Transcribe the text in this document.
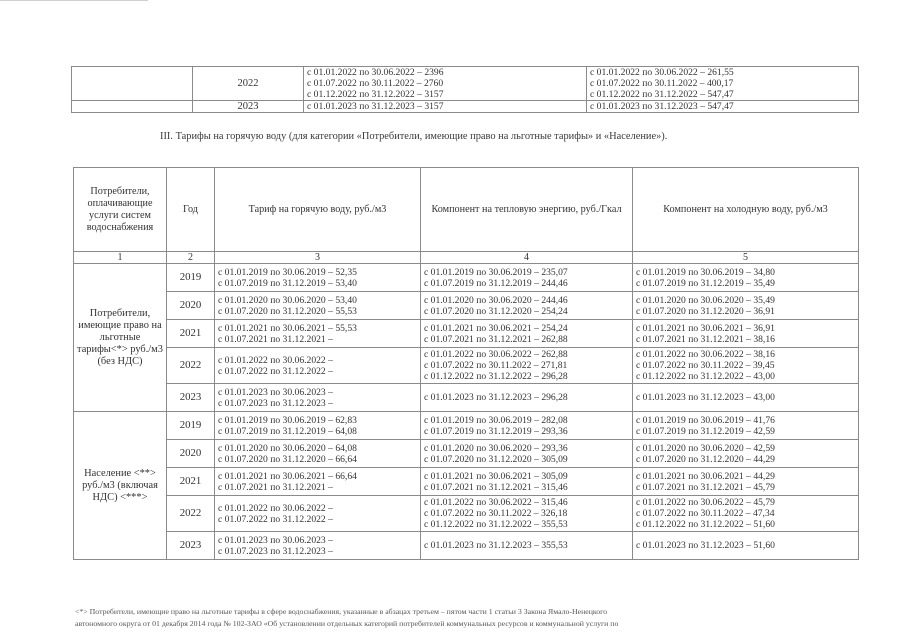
	2022	с 01.01.2022 по 30.06.2022 – 2396
с 01.07.2022 по 30.11.2022 – 2760
с 01.12.2022 по 31.12.2022 – 3157	с 01.01.2022 по 30.06.2022 – 261,55
с 01.07.2022 по 30.11.2022 – 400,17
с 01.12.2022 по 31.12.2022 – 547,47

	2023	с 01.01.2023 по 31.12.2023 – 3157	с 01.01.2023 по 31.12.2023 – 547,47
III. Тарифы на горячую воду (для категории «Потребители, имеющие право на льготные тарифы» и «Население»).
Потребители, оплачивающие услуги систем водоснабжения	Год	Тариф на горячую воду, руб./м3	Компонент на тепловую энергию, руб./Гкал	Компонент на холодную воду, руб./м3
1	2	3	4	5
Потребители, имеющие право на льготные тарифы<*> руб./м3 (без НДС)	2019	с 01.01.2019 по 30.06.2019 – 52,35
с 01.07.2019 по 31.12.2019 – 53,40	с 01.01.2019 по 30.06.2019 – 235,07
с 01.07.2019 по 31.12.2019 – 244,46	с 01.01.2019 по 30.06.2019 – 34,80
с 01.07.2019 по 31.12.2019 – 35,49

	2020	с 01.01.2020 по 30.06.2020 – 53,40
с 01.07.2020 по 31.12.2020 – 55,53	с 01.01.2020 по 30.06.2020 – 244,46
с 01.07.2020 по 31.12.2020 – 254,24	с 01.01.2020 по 30.06.2020 – 35,49
с 01.07.2020 по 31.12.2020 – 36,91

	2021	с 01.01.2021 по 30.06.2021 – 55,53
с 01.07.2021 по 31.12.2021 –	с 01.01.2021 по 30.06.2021 – 254,24
с 01.07.2021 по 31.12.2021 – 262,88	с 01.01.2021 по 30.06.2021 – 36,91
с 01.07.2021 по 31.12.2021 – 38,16

	2022	с 01.01.2022 по 30.06.2022 –
с 01.07.2022 по 31.12.2022 –	с 01.01.2022 по 30.06.2022 – 262,88
с 01.07.2022 по 30.11.2022 – 271,81
с 01.12.2022 по 31.12.2022 – 296,28	с 01.01.2022 по 30.06.2022 – 38,16
с 01.07.2022 по 30.11.2022 – 39,45
с 01.12.2022 по 31.12.2022 – 43,00

	2023	с 01.01.2023 по 30.06.2023 –
с 01.07.2023 по 31.12.2023 –	с 01.01.2023 по 31.12.2023 – 296,28	с 01.01.2023 по 31.12.2023 – 43,00

Население <**> руб./м3 (включая НДС) <***>	2019	с 01.01.2019 по 30.06.2019 – 62,83
с 01.07.2019 по 31.12.2019 – 64,08	с 01.01.2019 по 30.06.2019 – 282,08
с 01.07.2019 по 31.12.2019 – 293,36	с 01.01.2019 по 30.06.2019 – 41,76
с 01.07.2019 по 31.12.2019 – 42,59

	2020	с 01.01.2020 по 30.06.2020 – 64,08
с 01.07.2020 по 31.12.2020 – 66,64	с 01.01.2020 по 30.06.2020 – 293,36
с 01.07.2020 по 31.12.2020 – 305,09	с 01.01.2020 по 30.06.2020 – 42,59
с 01.07.2020 по 31.12.2020 – 44,29

	2021	с 01.01.2021 по 30.06.2021 – 66,64
с 01.07.2021 по 31.12.2021 –	с 01.01.2021 по 30.06.2021 – 305,09
с 01.07.2021 по 31.12.2021 – 315,46	с 01.01.2021 по 30.06.2021 – 44,29
с 01.07.2021 по 31.12.2021 – 45,79

	2022	с 01.01.2022 по 30.06.2022 –
с 01.07.2022 по 31.12.2022 –	с 01.01.2022 по 30.06.2022 – 315,46
с 01.07.2022 по 30.11.2022 – 326,18
с 01.12.2022 по 31.12.2022 – 355,53	с 01.01.2022 по 30.06.2022 – 45,79
с 01.07.2022 по 30.11.2022 – 47,34
с 01.12.2022 по 31.12.2022 – 51,60

	2023	с 01.01.2023 по 30.06.2023 –
с 01.07.2023 по 31.12.2023 –	с 01.01.2023 по 31.12.2023 – 355,53	с 01.01.2023 по 31.12.2023 – 51,60
<*> Потребители, имеющие право на льготные тарифы в сфере водоснабжения, указанные в абзацах третьем – пятом части 1 статьи 3 Закона Ямало-Ненецкого
автономного округа от 01 декабря 2014 года № 102-ЗАО «Об установлении отдельных категорий потребителей коммунальных ресурсов и коммунальной услуги по
